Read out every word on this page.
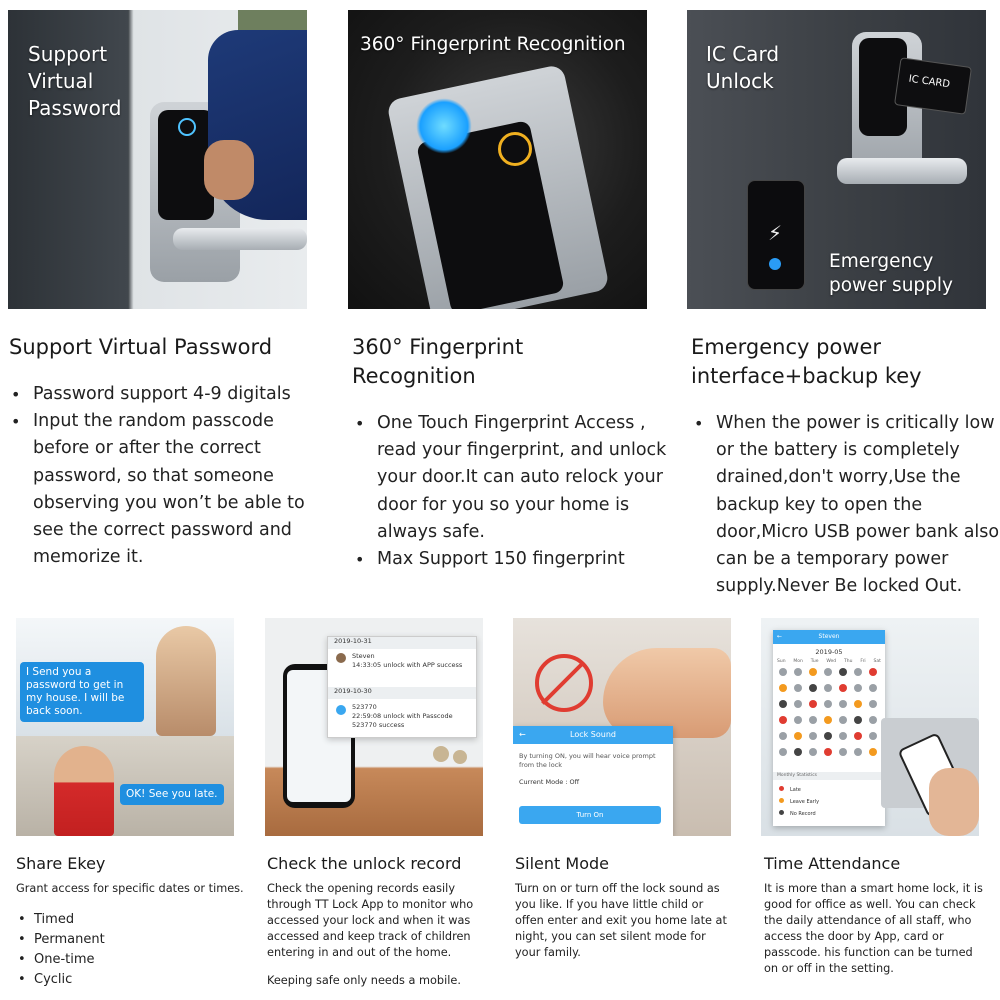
Support
Virtual
Password
360° Fingerprint Recognition
IC CARD
⚡
IC Card
Unlock
Emergency
power supply
Support Virtual Password
• Password support 4-9 digitals
• Input the random passcode before or after the correct password, so that someone observing you won’t be able to see the correct password and memorize it.
360° Fingerprint
Recognition
• One Touch Fingerprint Access , read your fingerprint, and unlock your door.It can auto relock your door for you so your home is always safe.
• Max Support 150 fingerprint
Emergency power
interface+backup key
• When the power is critically low or the battery is completely drained,don't worry,Use the backup key to open the door,Micro USB power bank also can be a temporary power supply.Never Be locked Out.
I Send you a password to get in my house. I will be back soon.
OK! See you late.
Share Ekey
Grant access for specific dates or times.
• Timed
• Permanent
• One-time
• Cyclic
2019-10-31
Steven
14:33:05 unlock with APP success
2019-10-30
523770
22:59:08 unlock with Passcode
523770 success
Check the unlock record
Check the opening records easily through TT Lock App to monitor who accessed your lock and when it was accessed and keep track of children entering in and out of the home.
Keeping safe only needs a mobile.
←	Lock Sound
By turning ON, you will hear voice prompt from the lock
Current Mode : Off
Turn On
Silent Mode
Turn on or turn off the lock sound as you like. If you have little child or offen enter and exit you home late at night, you can set silent mode for your family.
←	Steven
2019-05
Sun Mon Tue Wed Thu Fri Sat
Monthly Statistics
Late
Leave Early
No Record
Time Attendance
It is more than a smart home lock, it is good for office as well. You can check the daily attendance of all staff, who access the door by App, card or passcode. his function can be turned on or off in the setting.
